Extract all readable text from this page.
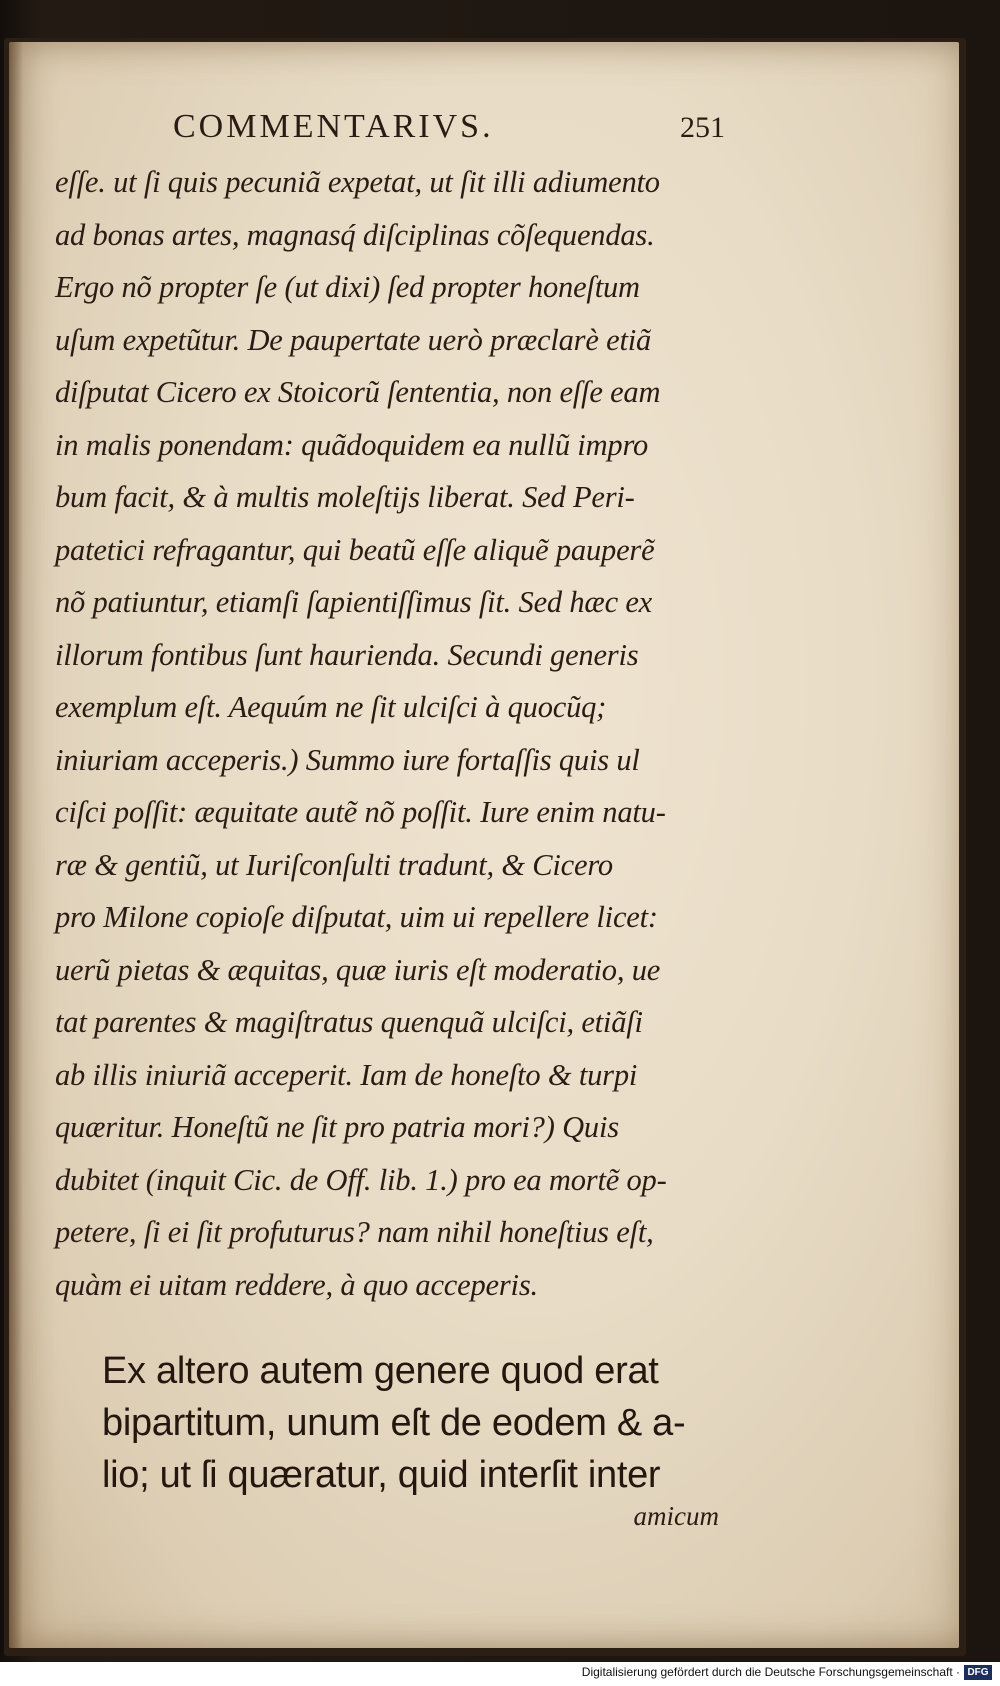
COMMENTARIVS.	251
eſſe. ut ſi quis pecuniã expetat, ut ſit illi adiumento
ad bonas artes, magnasq́ diſciplinas cõſequendas.
Ergo nõ propter ſe (ut dixi) ſed propter honeſtum
uſum expetũtur. De paupertate uerò præclarè etiã
diſputat Cicero ex Stoicorũ ſententia, non eſſe eam
in malis ponendam: quãdoquidem ea nullũ impro
bum facit, & à multis moleſtijs liberat. Sed Peri-
patetici refragantur, qui beatũ eſſe aliquẽ pauperẽ
nõ patiuntur, etiamſi ſapientiſſimus ſit. Sed hæc ex
illorum fontibus ſunt haurienda. Secundi generis
exemplum eſt. Aequúm ne ſit ulciſci à quocũq;
iniuriam acceperis.) Summo iure fortaſſis quis ul
ciſci poſſit: æquitate autẽ nõ poſſit. Iure enim natu-
ræ & gentiũ, ut Iuriſconſulti tradunt, & Cicero
pro Milone copioſe diſputat, uim ui repellere licet:
uerũ pietas & æquitas, quæ iuris eſt moderatio, ue
tat parentes & magiſtratus quenquã ulciſci, etiãſi
ab illis iniuriã acceperit. Iam de honeſto & turpi
quæritur. Honeſtũ ne ſit pro patria mori?) Quis
dubitet (inquit Cic. de Off. lib. 1.) pro ea mortẽ op-
petere, ſi ei ſit profuturus? nam nihil honeſtius eſt,
quàm ei uitam reddere, à quo acceperis.
Ex altero autem genere quod erat
bipartitum, unum eſt de eodem & a-
lio; ut ſi quæratur, quid interſit inter
amicum
Digitalisierung gefördert durch die Deutsche Forschungsgemeinschaft · DFG
